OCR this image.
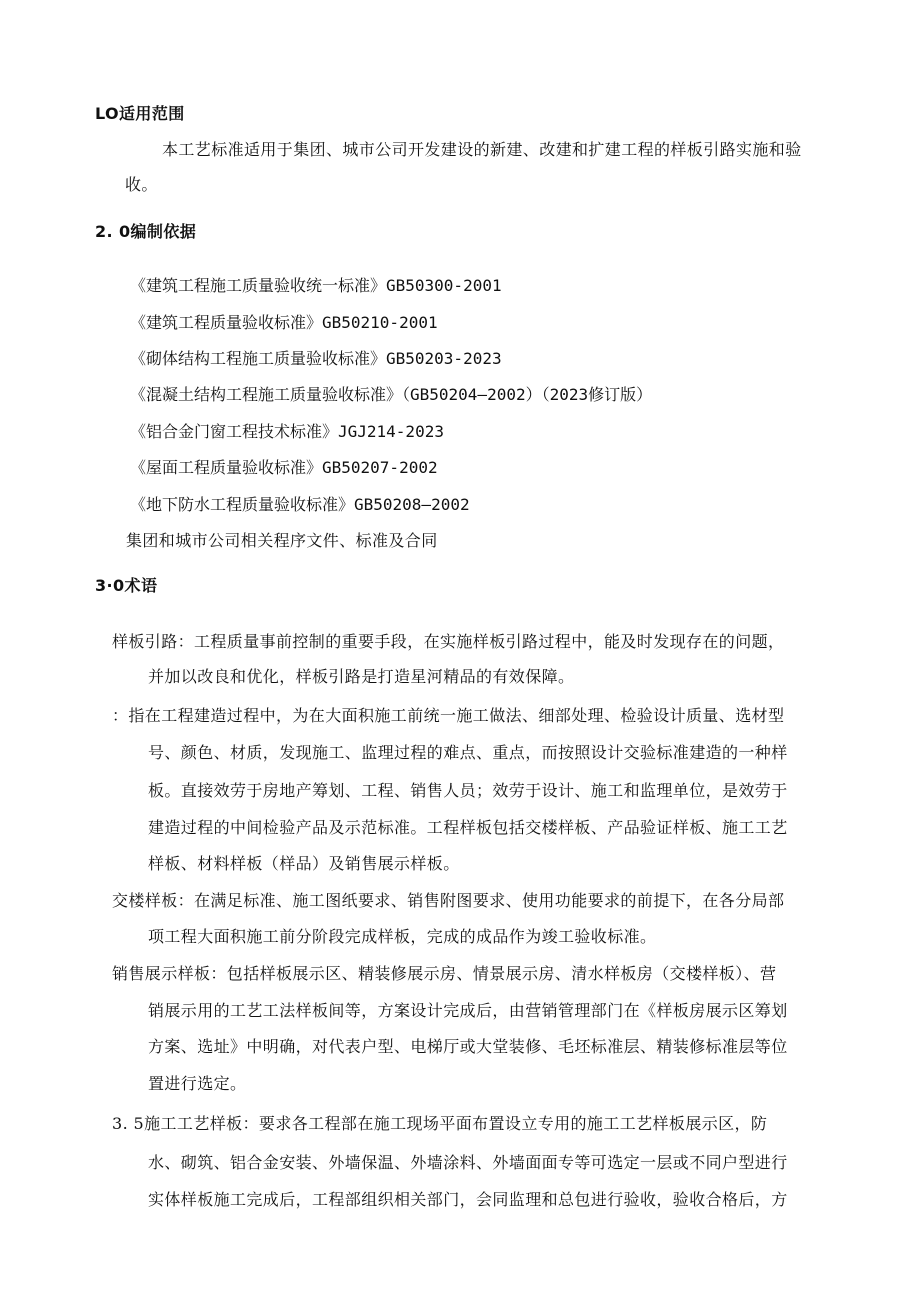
LO适用范围
本工艺标准适用于集团、城市公司开发建设的新建、改建和扩建工程的样板引路实施和验
收。
2. 0编制依据
《建筑工程施工质量验收统一标准》GB50300-2001
《建筑工程质量验收标准》GB50210-2001
《砌体结构工程施工质量验收标准》GB50203-2023
《混凝土结构工程施工质量验收标准》（GB50204—2002）（2023修订版）
《铝合金门窗工程技术标准》JGJ214-2023
《屋面工程质量验收标准》GB50207-2002
《地下防水工程质量验收标准》GB50208—2002
集团和城市公司相关程序文件、标准及合同
3·0术语
样板引路：工程质量事前控制的重要手段，在实施样板引路过程中，能及时发现存在的问题，
并加以改良和优化，样板引路是打造星河精品的有效保障。
：指在工程建造过程中，为在大面积施工前统一施工做法、细部处理、检验设计质量、选材型
号、颜色、材质，发现施工、监理过程的难点、重点，而按照设计交验标准建造的一种样
板。直接效劳于房地产筹划、工程、销售人员；效劳于设计、施工和监理单位，是效劳于
建造过程的中间检验产品及示范标准。工程样板包括交楼样板、产品验证样板、施工工艺
样板、材料样板（样品）及销售展示样板。
交楼样板：在满足标准、施工图纸要求、销售附图要求、使用功能要求的前提下，在各分局部
项工程大面积施工前分阶段完成样板，完成的成品作为竣工验收标准。
销售展示样板：包括样板展示区、精装修展示房、情景展示房、清水样板房（交楼样板）、营
销展示用的工艺工法样板间等，方案设计完成后，由营销管理部门在《样板房展示区筹划
方案、选址》中明确，对代表户型、电梯厅或大堂装修、毛坯标准层、精装修标准层等位
置进行选定。
3. 5施工工艺样板：要求各工程部在施工现场平面布置设立专用的施工工艺样板展示区，防
水、砌筑、铝合金安装、外墙保温、外墙涂料、外墙面面专等可选定一层或不同户型进行
实体样板施工完成后，工程部组织相关部门，会同监理和总包进行验收，验收合格后，方
